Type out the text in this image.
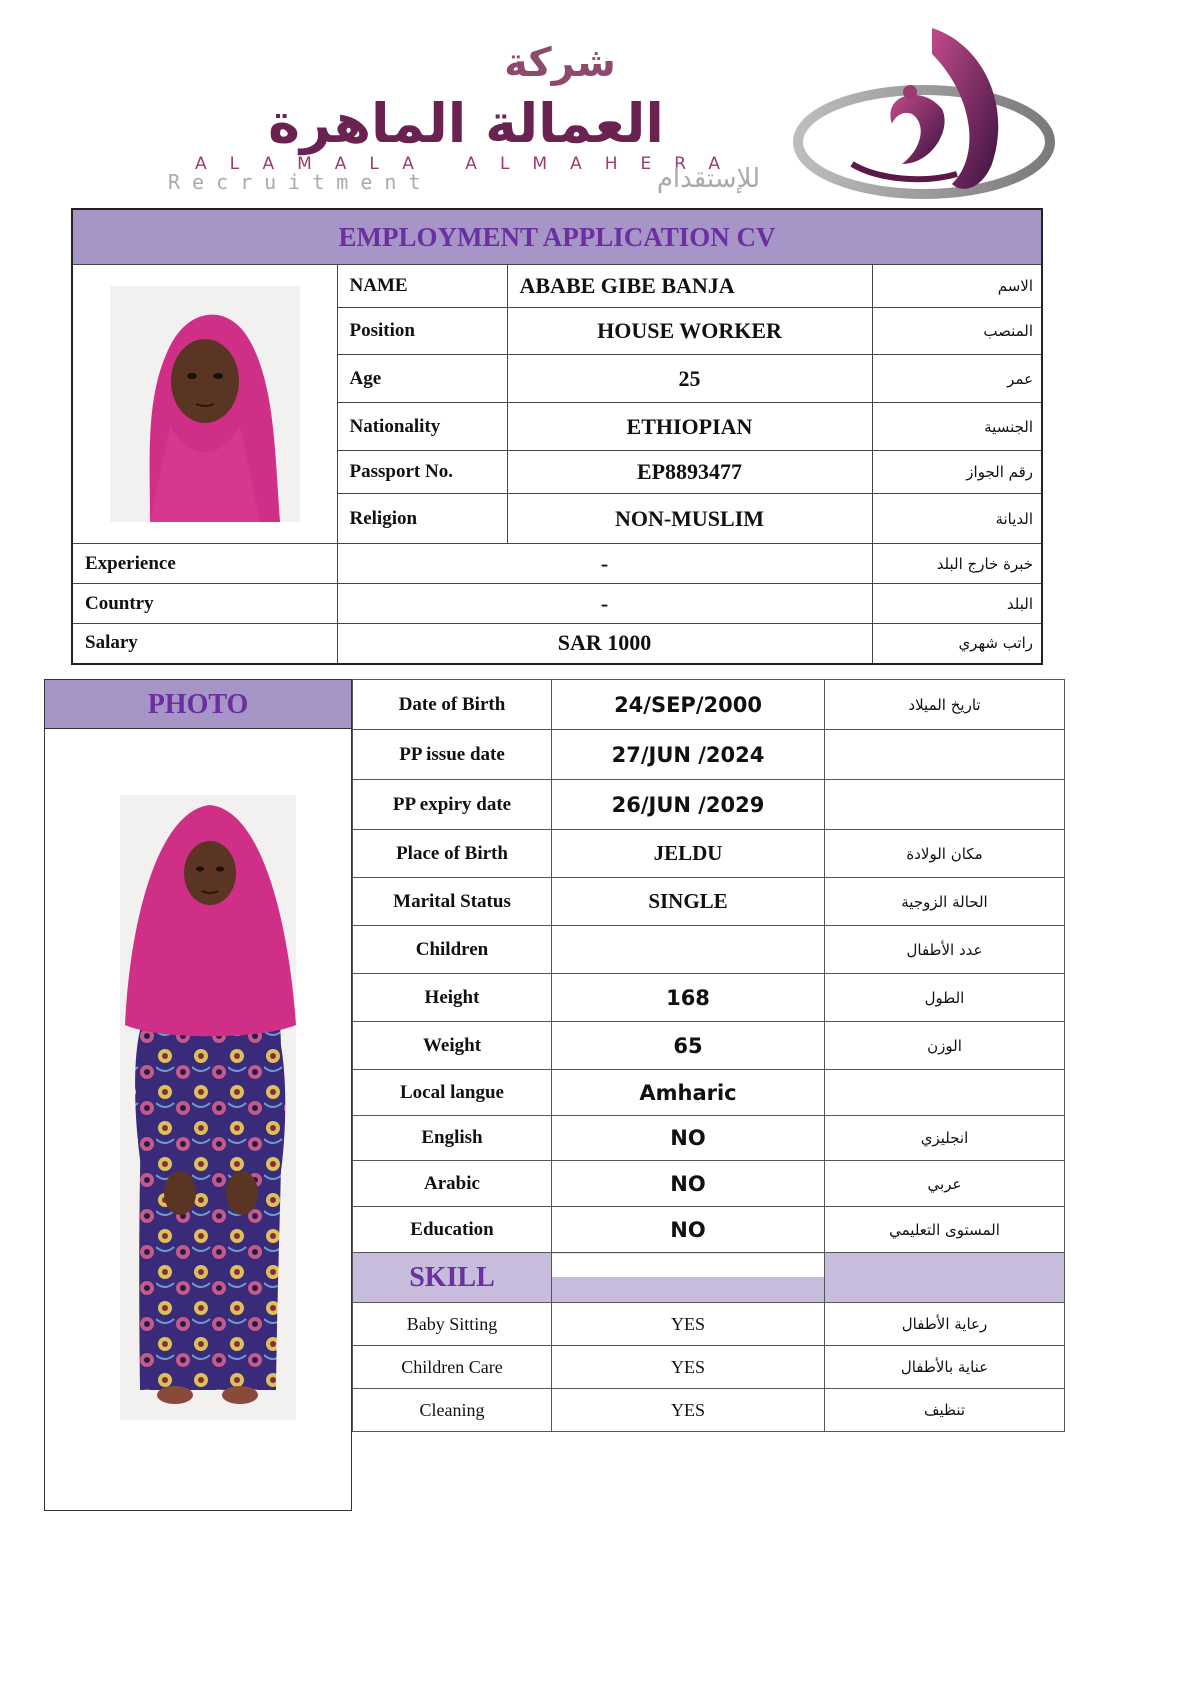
شركة
العمالة الماهرة
ALAMALA ALMAHERA
Recruitment	للإستقدام
EMPLOYMENT APPLICATION CV			

	NAME	ABABE GIBE BANJA	الاسم
	Position	HOUSE WORKER	المنصب
	Age	25	عمر
	Nationality	ETHIOPIAN	الجنسية
	Passport No.	EP8893477	رقم الجواز
	Religion	NON-MUSLIM	الديانة
Experience	-		خبرة خارج البلد
Country	-		البلد
Salary	SAR 1000		راتب شهري
PHOTO	Date of Birth	24/SEP/2000	تاريخ الميلاد
PP issue date	27/JUN /2024	
PP expiry date	26/JUN /2029	
Place of Birth	JELDU	مكان الولادة
Marital Status	SINGLE	الحالة الزوجية
Children		عدد الأطفال
Height	168	الطول
Weight	65	الوزن
Local langue	Amharic	
English	NO	انجليزي
Arabic	NO	عربي
Education	NO	المستوى التعليمي
SKILL		
Baby Sitting	YES	رعاية الأطفال
Children Care	YES	عناية بالأطفال
Cleaning	YES	تنظيف
